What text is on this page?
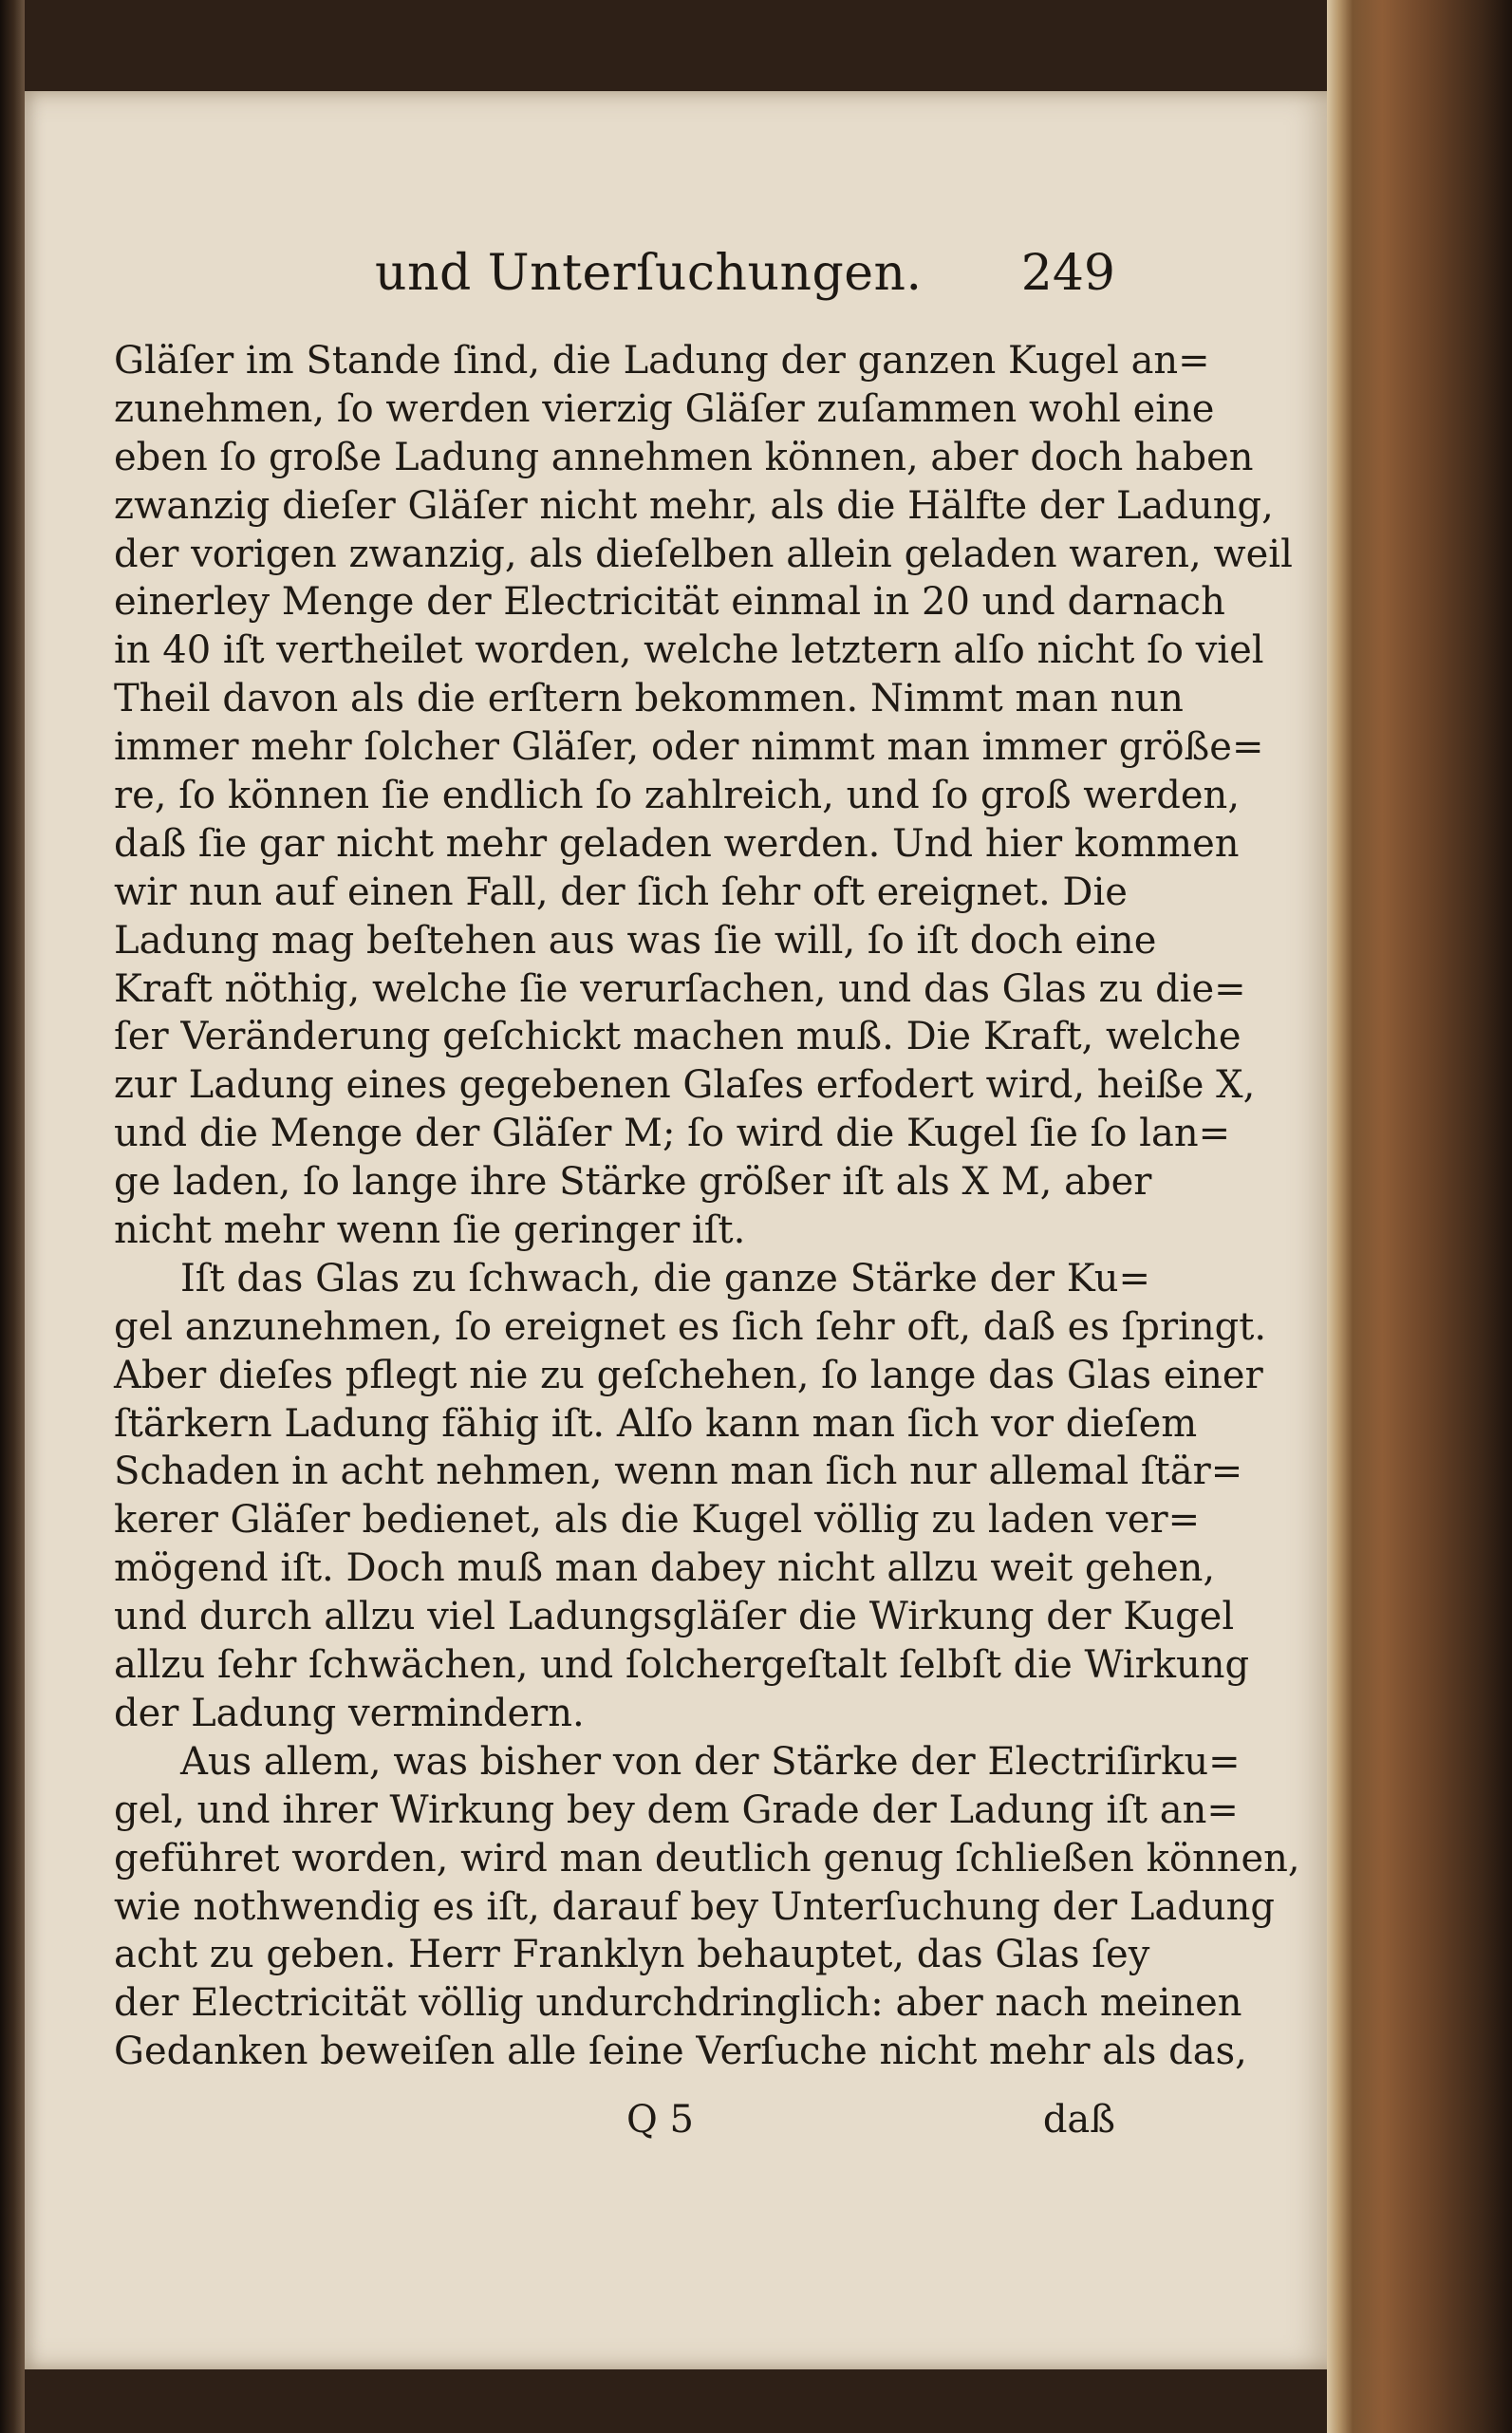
und Unterſuchungen. 249
Gläſer im Stande ſind, die Ladung der ganzen Kugel an=
zunehmen, ſo werden vierzig Gläſer zuſammen wohl eine
eben ſo große Ladung annehmen können, aber doch haben
zwanzig dieſer Gläſer nicht mehr, als die Hälfte der Ladung,
der vorigen zwanzig, als dieſelben allein geladen waren, weil
einerley Menge der Electricität einmal in 20 und darnach
in 40 iſt vertheilet worden, welche letztern alſo nicht ſo viel
Theil davon als die erſtern bekommen. Nimmt man nun
immer mehr ſolcher Gläſer, oder nimmt man immer größe=
re, ſo können ſie endlich ſo zahlreich, und ſo groß werden,
daß ſie gar nicht mehr geladen werden. Und hier kommen
wir nun auf einen Fall, der ſich ſehr oft ereignet. Die
Ladung mag beſtehen aus was ſie will, ſo iſt doch eine
Kraft nöthig, welche ſie verurſachen, und das Glas zu die=
ſer Veränderung geſchickt machen muß. Die Kraft, welche
zur Ladung eines gegebenen Glaſes erfodert wird, heiße X,
und die Menge der Gläſer M; ſo wird die Kugel ſie ſo lan=
ge laden, ſo lange ihre Stärke größer iſt als X M, aber
nicht mehr wenn ſie geringer iſt.
Iſt das Glas zu ſchwach, die ganze Stärke der Ku=
gel anzunehmen, ſo ereignet es ſich ſehr oft, daß es ſpringt.
Aber dieſes pflegt nie zu geſchehen, ſo lange das Glas einer
ſtärkern Ladung fähig iſt. Alſo kann man ſich vor dieſem
Schaden in acht nehmen, wenn man ſich nur allemal ſtär=
kerer Gläſer bedienet, als die Kugel völlig zu laden ver=
mögend iſt. Doch muß man dabey nicht allzu weit gehen,
und durch allzu viel Ladungsgläſer die Wirkung der Kugel
allzu ſehr ſchwächen, und ſolchergeſtalt ſelbſt die Wirkung
der Ladung vermindern.
Aus allem, was bisher von der Stärke der Electriſirku=
gel, und ihrer Wirkung bey dem Grade der Ladung iſt an=
geführet worden, wird man deutlich genug ſchließen können,
wie nothwendig es iſt, darauf bey Unterſuchung der Ladung
acht zu geben. Herr Franklyn behauptet, das Glas ſey
der Electricität völlig undurchdringlich: aber nach meinen
Gedanken beweiſen alle ſeine Verſuche nicht mehr als das,
Q 5	daß
